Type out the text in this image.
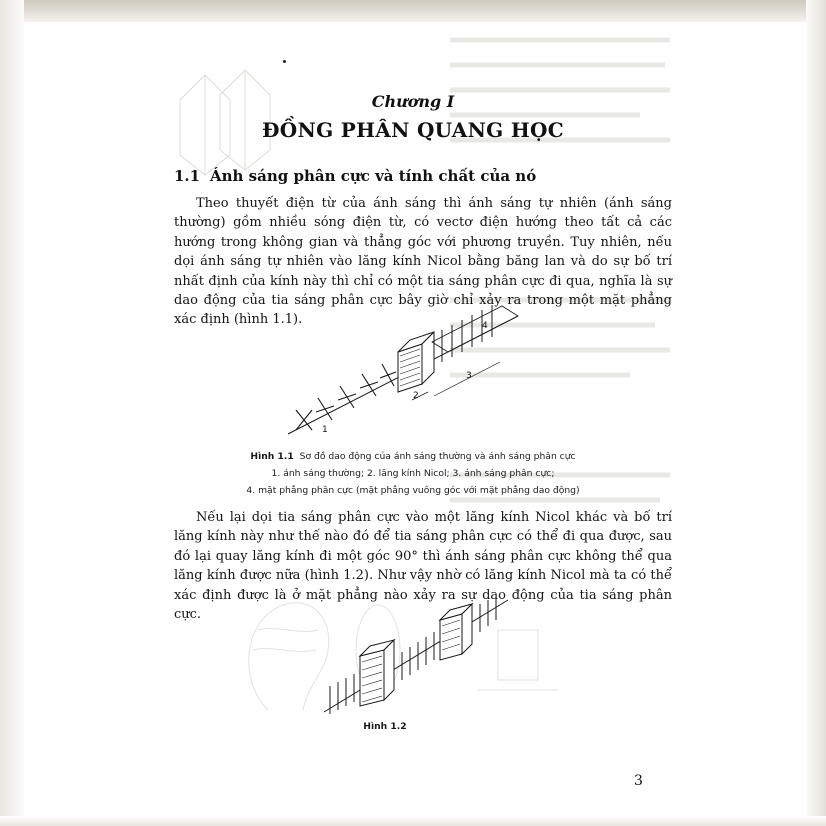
Chương I
ĐỒNG PHÂN QUANG HỌC
1.1 Ánh sáng phân cực và tính chất của nó

Theo thuyết điện từ của ánh sáng thì ánh sáng tự nhiên (ánh sáng thường) gồm nhiều sóng điện từ, có vectơ điện hướng theo tất cả các hướng trong không gian và thẳng góc với phương truyền. Tuy nhiên, nếu dọi ánh sáng tự nhiên vào lăng kính Nicol bằng băng lan và do sự bố trí nhất định của kính này thì chỉ có một tia sáng phân cực đi qua, nghĩa là sự dao động của tia sáng phân cực bây giờ chỉ xảy ra trong một mặt phẳng xác định (hình 1.1).

2
3
4
1
Hình 1.1 Sơ đồ dao động của ánh sáng thường và ánh sáng phân cực
1. ánh sáng thường; 2. lăng kính Nicol; 3. ánh sáng phân cực;
4. mặt phẳng phân cực (mặt phẳng vuông góc với mặt phẳng dao động)

Nếu lại dọi tia sáng phân cực vào một lăng kính Nicol khác và bố trí lăng kính này như thế nào đó để tia sáng phân cực có thể đi qua được, sau đó lại quay lăng kính đi một góc 90° thì ánh sáng phân cực không thể qua lăng kính được nữa (hình 1.2). Như vậy nhờ có lăng kính Nicol mà ta có thể xác định được là ở mặt phẳng nào xảy ra sự dao động của tia sáng phân cực.

Hình 1.2
3
